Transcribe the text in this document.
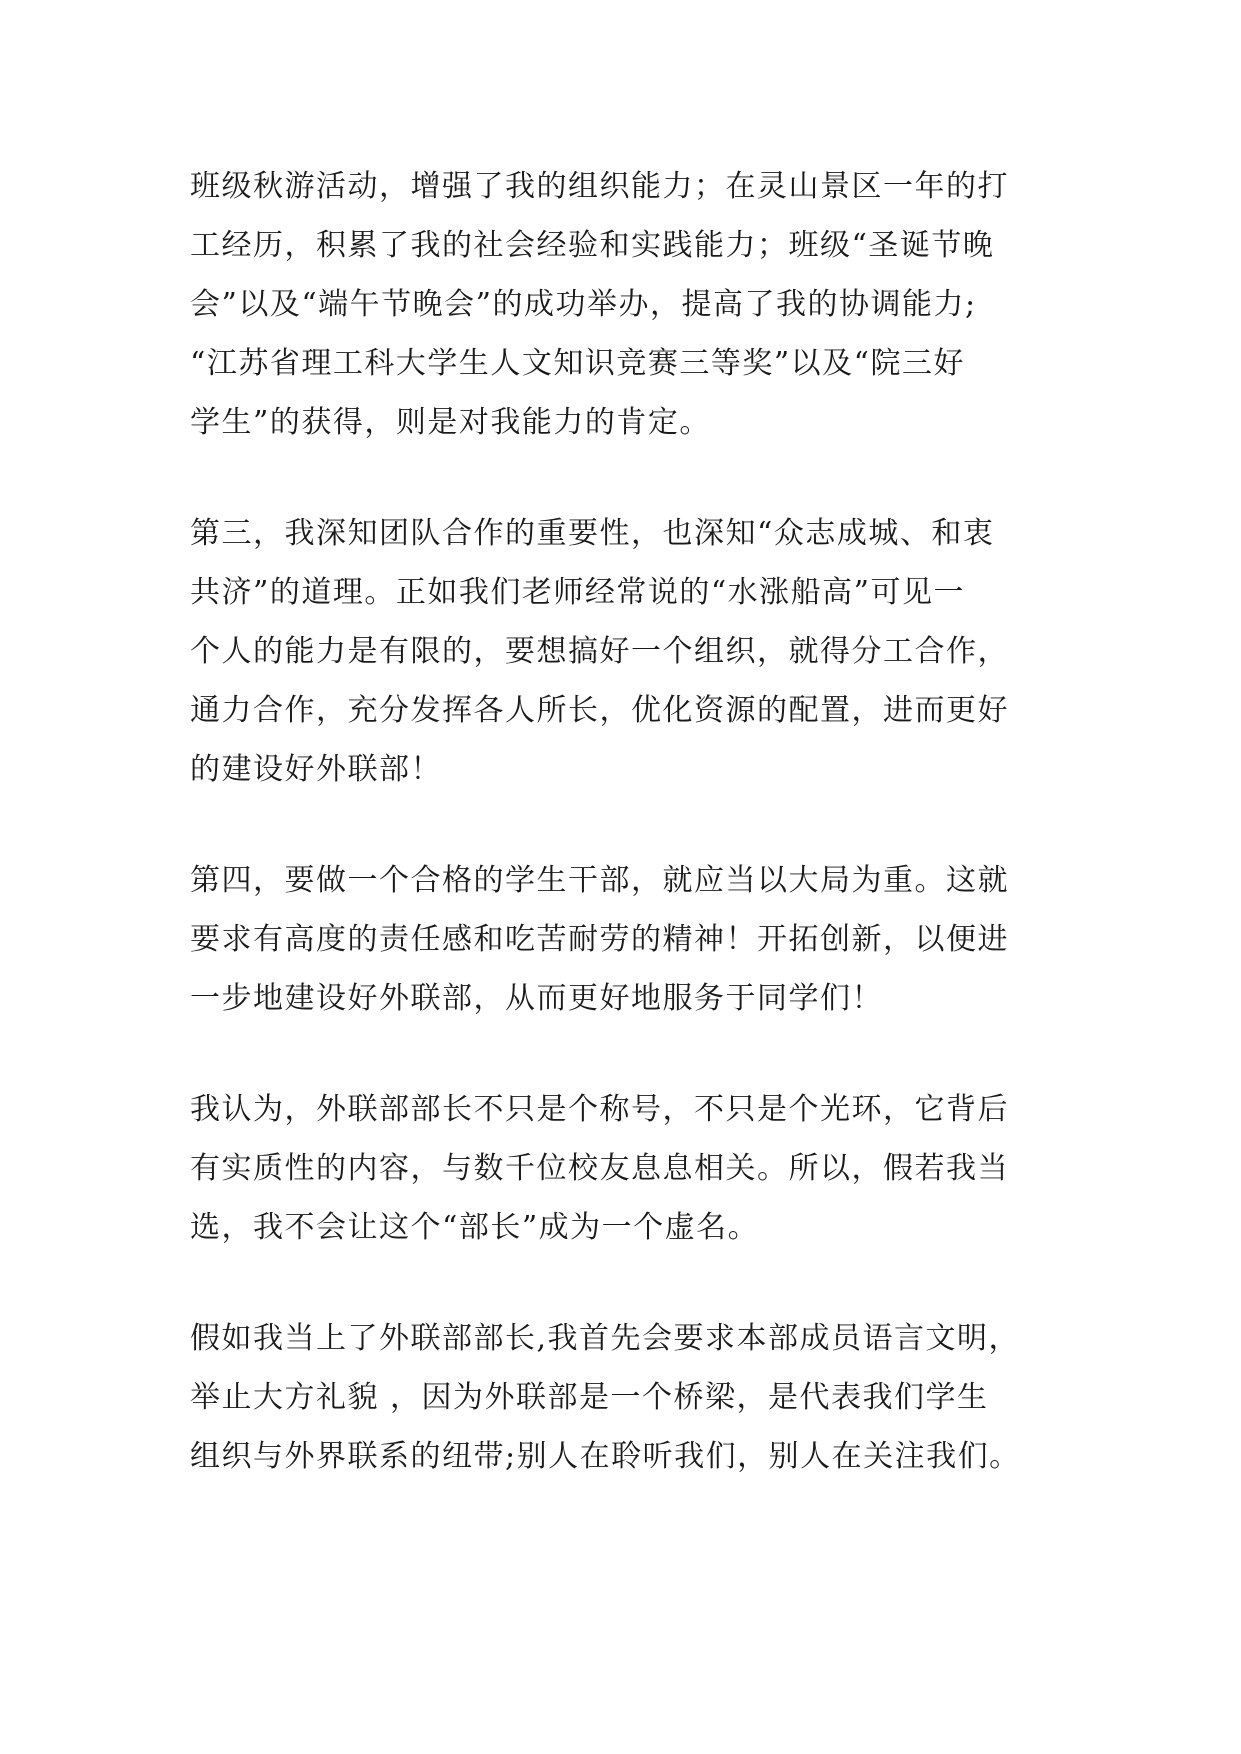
班级秋游活动，增强了我的组织能力；在灵山景区一年的打
工经历，积累了我的社会经验和实践能力；班级“圣诞节晚
会”以及“端午节晚会”的成功举办，提高了我的协调能力;
“江苏省理工科大学生人文知识竞赛三等奖”以及“院三好
学生”的获得，则是对我能力的肯定。
第三，我深知团队合作的重要性，也深知“众志成城、和衷
共济”的道理。正如我们老师经常说的“水涨船高”可见一
个人的能力是有限的，要想搞好一个组织，就得分工合作，
通力合作，充分发挥各人所长，优化资源的配置，进而更好
的建设好外联部！
第四，要做一个合格的学生干部，就应当以大局为重。这就
要求有高度的责任感和吃苦耐劳的精神！开拓创新，以便进
一步地建设好外联部，从而更好地服务于同学们！
我认为，外联部部长不只是个称号，不只是个光环，它背后
有实质性的内容，与数千位校友息息相关。所以，假若我当
选，我不会让这个“部长”成为一个虚名。
假如我当上了外联部部长,我首先会要求本部成员语言文明，
举止大方礼貌 ，因为外联部是一个桥梁，是代表我们学生
组织与外界联系的纽带;别人在聆听我们，别人在关注我们。
